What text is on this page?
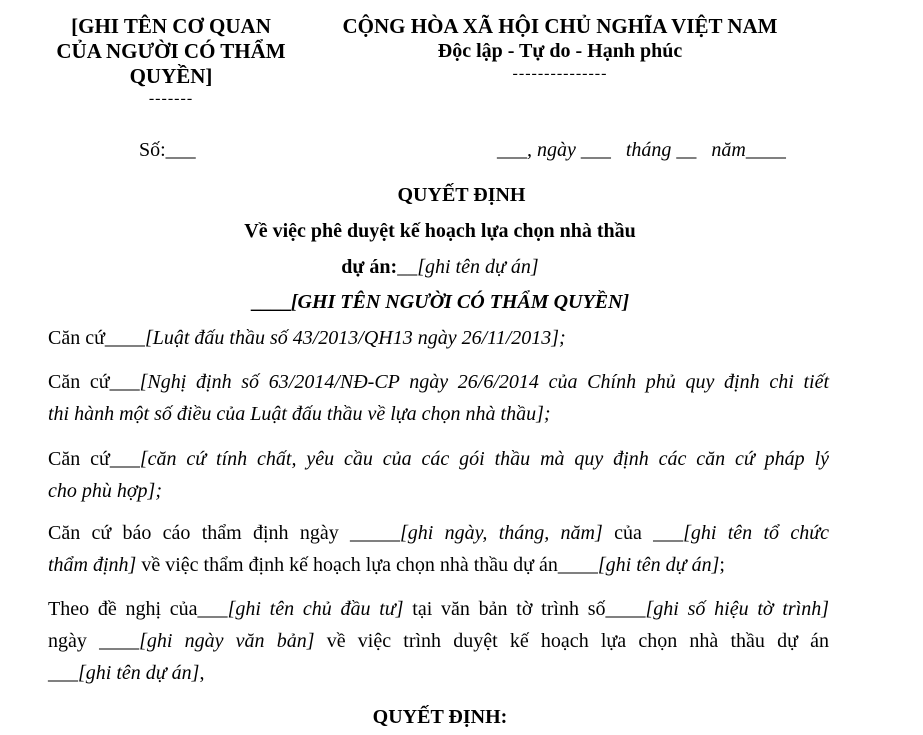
[GHI TÊN CƠ QUAN
CỦA NGƯỜI CÓ THẨM
QUYỀN]
-------
CỘNG HÒA XÃ HỘI CHỦ NGHĨA VIỆT NAM
Độc lập - Tự do - Hạnh phúc
---------------
Số:___	___, ngày ___   tháng __   năm____
QUYẾT ĐỊNH
Về việc phê duyệt kế hoạch lựa chọn nhà thầu
dự án:__[ghi tên dự án]
____[GHI TÊN NGƯỜI CÓ THẨM QUYỀN]
Căn cứ____[Luật đấu thầu số 43/2013/QH13 ngày 26/11/2013];
Căn cứ___[Nghị định số 63/2014/NĐ-CP ngày 26/6/2014 của Chính phủ quy định chi tiết
thi hành một số điều của Luật đấu thầu về lựa chọn nhà thầu];
Căn cứ___[căn cứ tính chất, yêu cầu của các gói thầu mà quy định các căn cứ pháp lý
cho phù hợp];
Căn cứ báo cáo thẩm định ngày _____[ghi ngày, tháng, năm] của ___[ghi tên tổ chức
thẩm định] về việc thẩm định kế hoạch lựa chọn nhà thầu dự án____[ghi tên dự án];
Theo đề nghị của___[ghi tên chủ đầu tư] tại văn bản tờ trình số____[ghi số hiệu tờ trình]
ngày ____[ghi ngày văn bản] về việc trình duyệt kế hoạch lựa chọn nhà thầu dự án
___[ghi tên dự án],
QUYẾT ĐỊNH:
